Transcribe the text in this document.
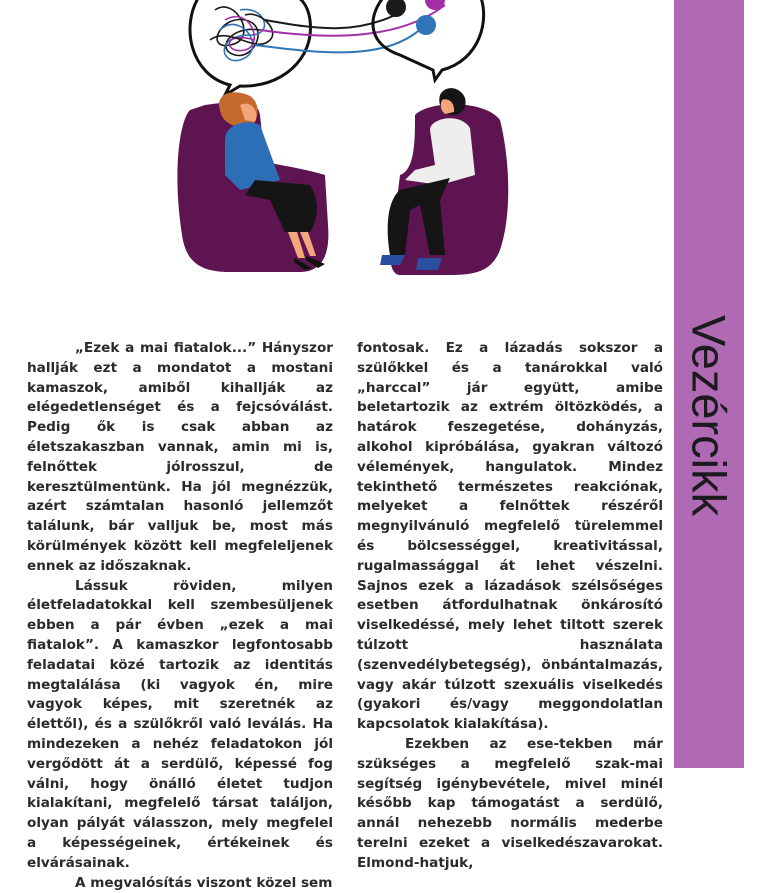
Vezércikk

„Ezek a mai fiatalok...” Hányszor hallják ezt a mondatot a mostani kamaszok, amiből kihallják az elégedetlenséget és a fejcsóválást. Pedig ők is csak abban az életszakaszban vannak, amin mi is, felnőttek jólrosszul, de keresztülmentünk. Ha jól megnézzük, azért számtalan hasonló jellemzőt találunk, bár valljuk be, most más körülmények között kell megfeleljenek ennek az időszaknak.

Lássuk röviden, milyen életfeladatokkal kell szembesüljenek ebben a pár évben „ezek a mai fiatalok”. A kamaszkor legfontosabb feladatai közé tartozik az identitás megtalálása (ki vagyok én, mire vagyok képes, mit szeretnék az élettől), és a szülőkről való leválás. Ha mindezeken a nehéz feladatokon jól vergődött át a serdülő, képessé fog válni, hogy önálló életet tudjon kialakítani, megfelelő társat találjon, olyan pályát válasszon, mely megfelel a képességeinek, értékeinek és elvárásainak.

A megvalósítás viszont közel sem

fontosak. Ez a lázadás sokszor a szülőkkel és a tanárokkal való „harccal” jár együtt, amibe beletartozik az extrém öltözködés, a határok feszegetése, dohányzás, alkohol kipróbálása, gyakran változó vélemények, hangulatok. Mindez tekinthető természetes reakciónak, melyeket a felnőttek részéről megnyilvánuló megfelelő türelemmel és bölcsességgel, kreativitással, rugalmassággal át lehet vészelni. Sajnos ezek a lázadások szélsőséges esetben átfordulhatnak önkárosító viselkedéssé, mely lehet tiltott szerek túlzott használata (szenvedélybetegség), önbántalmazás, vagy akár túlzott szexuális viselkedés (gyakori és/vagy meggondolatlan kapcsolatok kialakítása).

Ezekben az ese-tekben már szükséges a megfelelő szak-mai segítség igénybevétele, mivel minél később kap támogatást a serdülő, annál nehezebb normális mederbe terelni ezeket a viselkedészavarokat. Elmond-hatjuk,
